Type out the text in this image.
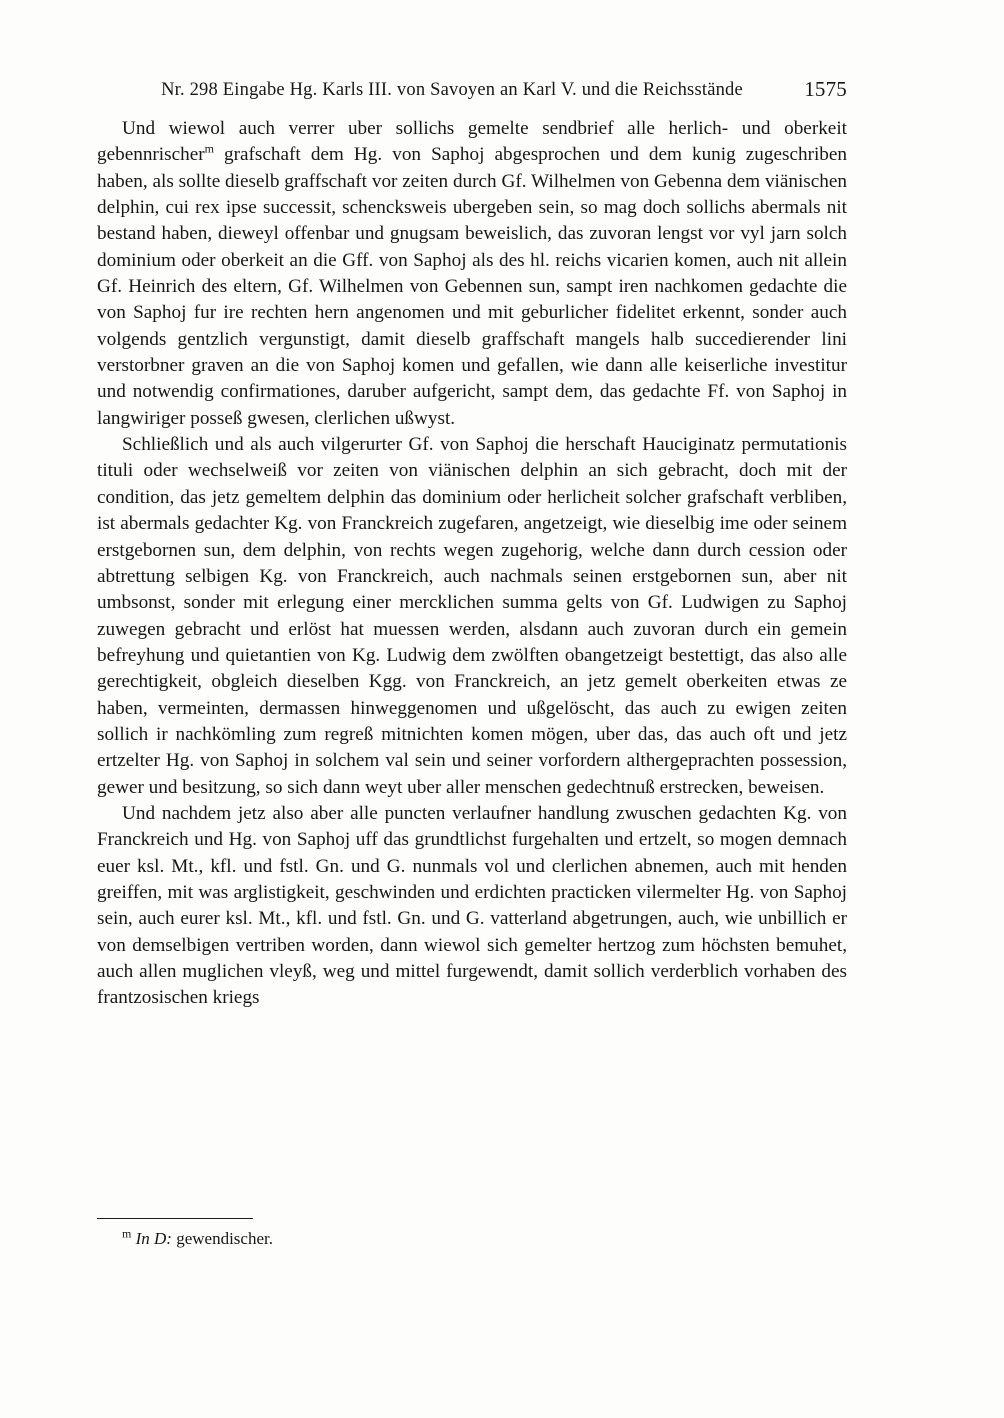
Nr. 298 Eingabe Hg. Karls III. von Savoyen an Karl V. und die Reichsstände	1575

Und wiewol auch verrer uber sollichs gemelte sendbrief alle herlich- und oberkeit gebennrischer$^m$ grafschaft dem Hg. von Saphoj abgesprochen und dem kunig zugeschriben haben, als sollte dieselb graffschaft vor zeiten durch Gf. Wilhelmen von Gebenna dem viänischen delphin, cui rex ipse successit, schencksweis ubergeben sein, so mag doch sollichs abermals nit bestand haben, dieweyl offenbar und gnugsam beweislich, das zuvoran lengst vor vyl jarn solch dominium oder oberkeit an die Gff. von Saphoj als des hl. reichs vicarien komen, auch nit allein Gf. Heinrich des eltern, Gf. Wilhelmen von Gebennen sun, sampt iren nachkomen gedachte die von Saphoj fur ire rechten hern angenomen und mit geburlicher fidelitet erkennt, sonder auch volgends gentzlich vergunstigt, damit dieselb graffschaft mangels halb succedierender lini verstorbner graven an die von Saphoj komen und gefallen, wie dann alle keiserliche investitur und notwendig confirmationes, daruber aufgericht, sampt dem, das gedachte Ff. von Saphoj in langwiriger posseß gwesen, clerlichen ußwyst.

Schließlich und als auch vilgerurter Gf. von Saphoj die herschaft Hauciginatz permutationis tituli oder wechselweiß vor zeiten von viänischen delphin an sich gebracht, doch mit der condition, das jetz gemeltem delphin das dominium oder herlicheit solcher grafschaft verbliben, ist abermals gedachter Kg. von Franckreich zugefaren, angetzeigt, wie dieselbig ime oder seinem erstgebornen sun, dem delphin, von rechts wegen zugehorig, welche dann durch cession oder abtrettung selbigen Kg. von Franckreich, auch nachmals seinen erstgebornen sun, aber nit umbsonst, sonder mit erlegung einer mercklichen summa gelts von Gf. Ludwigen zu Saphoj zuwegen gebracht und erlöst hat muessen werden, alsdann auch zuvoran durch ein gemein befreyhung und quietantien von Kg. Ludwig dem zwölften obangetzeigt bestettigt, das also alle gerechtigkeit, obgleich dieselben Kgg. von Franckreich, an jetz gemelt oberkeiten etwas ze haben, vermeinten, dermassen hinweggenomen und ußgelöscht, das auch zu ewigen zeiten sollich ir nachkömling zum regreß mitnichten komen mögen, uber das, das auch oft und jetz ertzelter Hg. von Saphoj in solchem val sein und seiner vorfordern althergeprachten possession, gewer und besitzung, so sich dann weyt uber aller menschen gedechtnuß erstrecken, beweisen.

Und nachdem jetz also aber alle puncten verlaufner handlung zwuschen gedachten Kg. von Franckreich und Hg. von Saphoj uff das grundtlichst furgehalten und ertzelt, so mogen demnach euer ksl. Mt., kfl. und fstl. Gn. und G. nunmals vol und clerlichen abnemen, auch mit henden greiffen, mit was arglistigkeit, geschwinden und erdichten practicken vilermelter Hg. von Saphoj sein, auch eurer ksl. Mt., kfl. und fstl. Gn. und G. vatterland abgetrungen, auch, wie unbillich er von demselbigen vertriben worden, dann wiewol sich gemelter hertzog zum höchsten bemuhet, auch allen muglichen vleyß, weg und mittel furgewendt, damit sollich verderblich vorhaben des frantzosischen kriegs

$^m$ In D: gewendischer.
